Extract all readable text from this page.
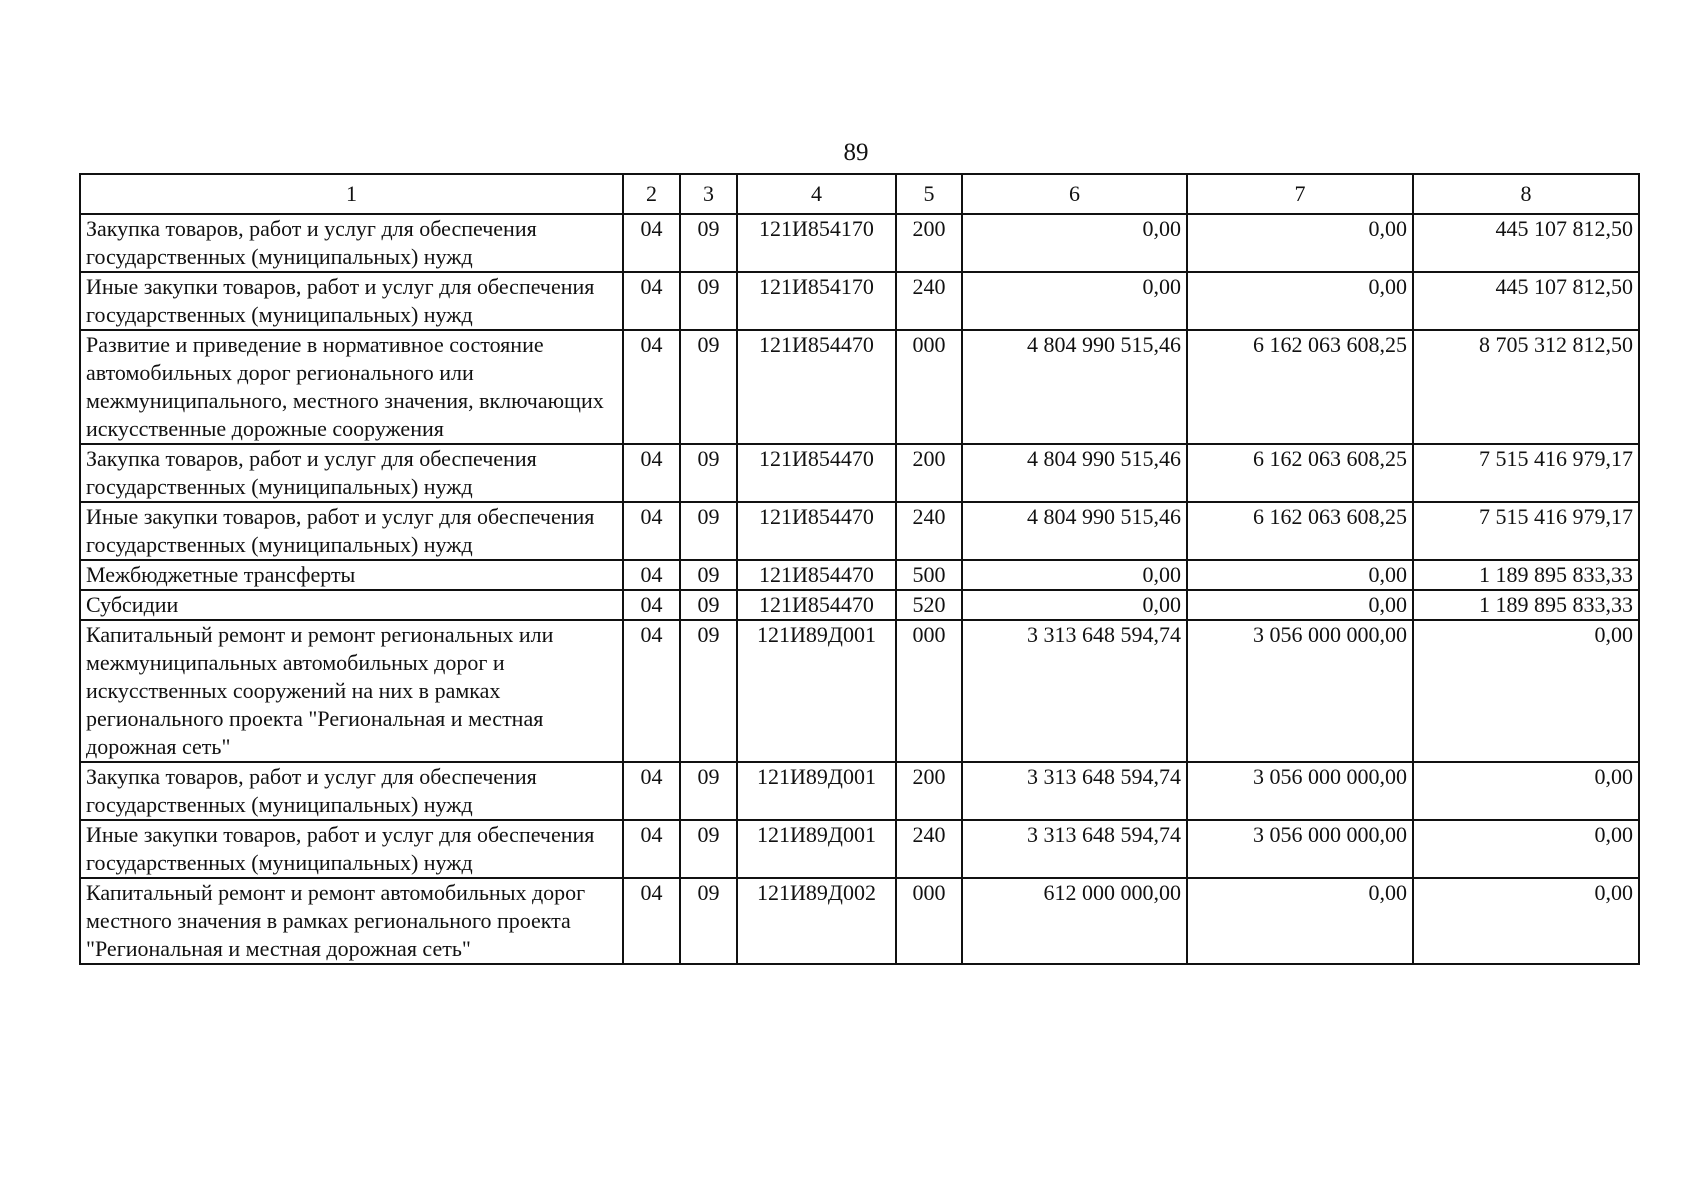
89
1	2	3	4	5	6	7	8
Закупка товаров, работ и услуг для обеспечения государственных (муниципальных) нужд	04	09	121И854170	200	0,00	0,00	445 107 812,50
Иные закупки товаров, работ и услуг для обеспечения государственных (муниципальных) нужд	04	09	121И854170	240	0,00	0,00	445 107 812,50
Развитие и приведение в нормативное состояние автомобильных дорог регионального или межмуниципального, местного значения, включающих искусственные дорожные сооружения	04	09	121И854470	000	4 804 990 515,46	6 162 063 608,25	8 705 312 812,50
Закупка товаров, работ и услуг для обеспечения государственных (муниципальных) нужд	04	09	121И854470	200	4 804 990 515,46	6 162 063 608,25	7 515 416 979,17
Иные закупки товаров, работ и услуг для обеспечения государственных (муниципальных) нужд	04	09	121И854470	240	4 804 990 515,46	6 162 063 608,25	7 515 416 979,17
Межбюджетные трансферты	04	09	121И854470	500	0,00	0,00	1 189 895 833,33
Субсидии	04	09	121И854470	520	0,00	0,00	1 189 895 833,33
Капитальный ремонт и ремонт региональных или межмуниципальных автомобильных дорог и искусственных сооружений на них в рамках регионального проекта "Региональная и местная дорожная сеть"	04	09	121И89Д001	000	3 313 648 594,74	3 056 000 000,00	0,00
Закупка товаров, работ и услуг для обеспечения государственных (муниципальных) нужд	04	09	121И89Д001	200	3 313 648 594,74	3 056 000 000,00	0,00
Иные закупки товаров, работ и услуг для обеспечения государственных (муниципальных) нужд	04	09	121И89Д001	240	3 313 648 594,74	3 056 000 000,00	0,00
Капитальный ремонт и ремонт автомобильных дорог местного значения в рамках регионального проекта "Региональная и местная дорожная сеть"	04	09	121И89Д002	000	612 000 000,00	0,00	0,00
